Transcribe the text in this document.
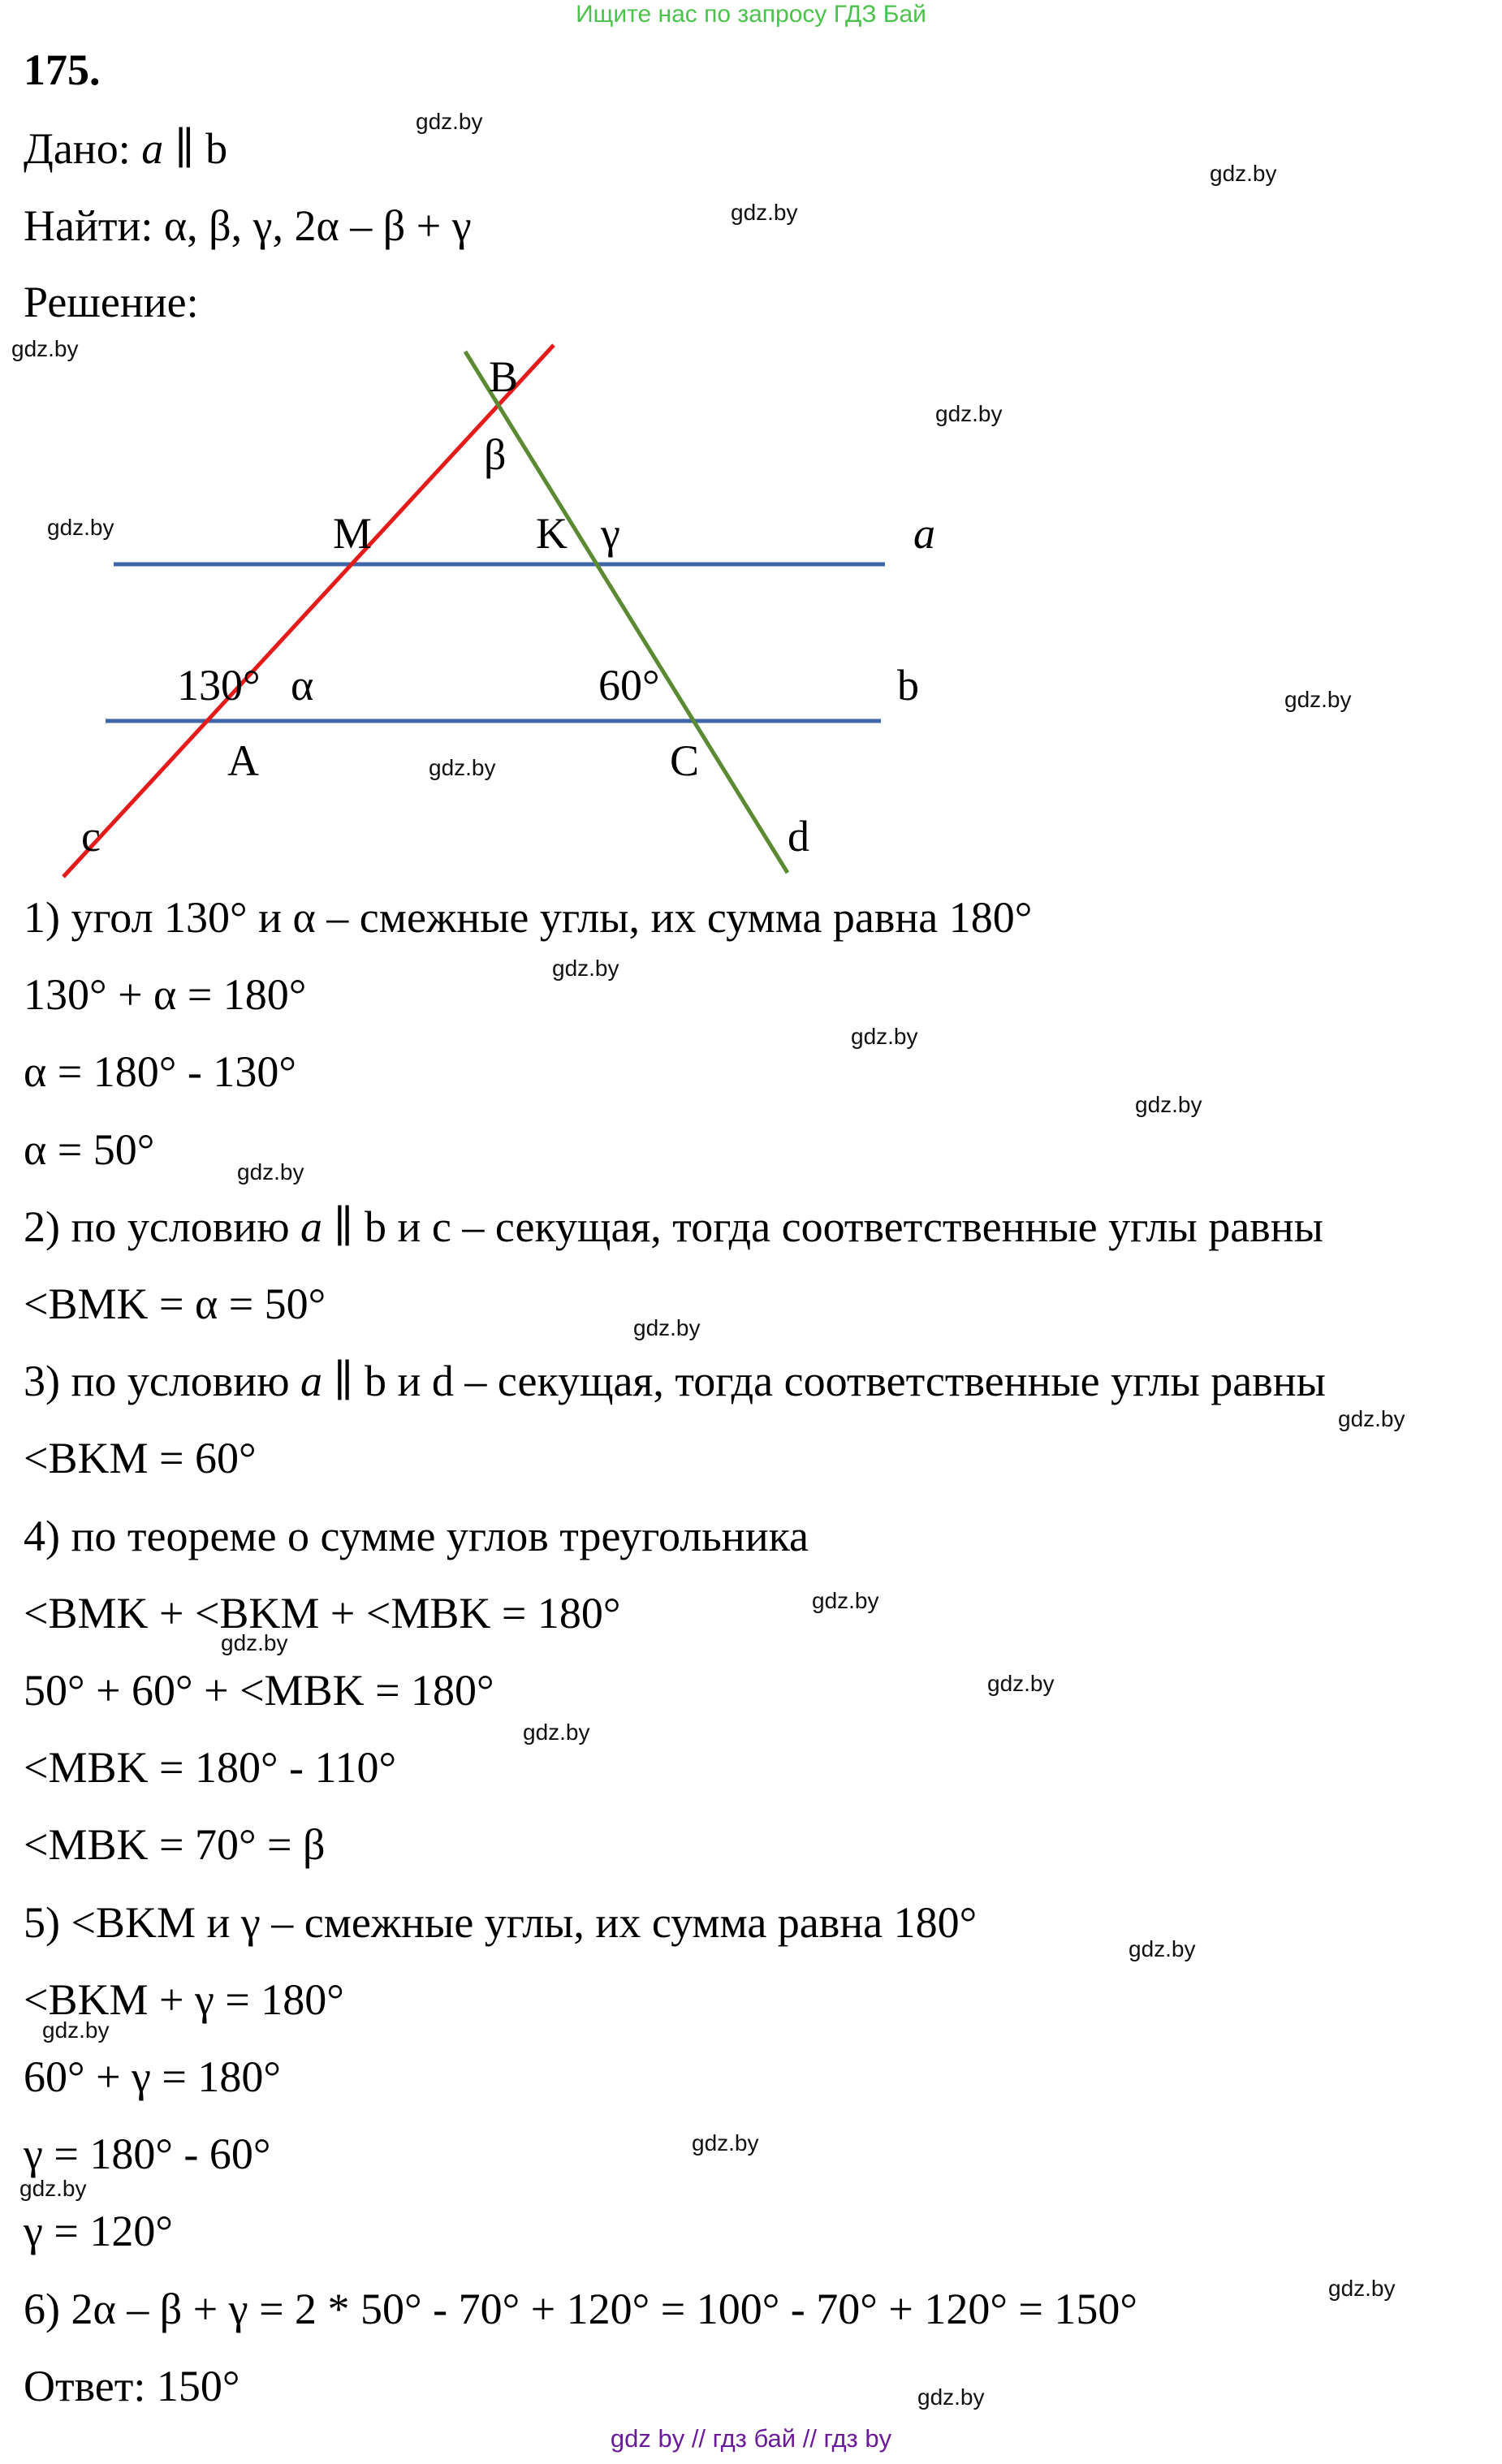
Ищите нас по запросу ГДЗ Бай
175.
Дано: a ∥ b
Найти: α, β, γ, 2α – β + γ
Решение:
B
β
M	K γ	a
130° α	60°	b
A	C
c	d
1) угол 130° и α – смежные углы, их сумма равна 180°
130° + α = 180°
α = 180° - 130°
α = 50°
2) по условию a ∥ b и с – секущая, тогда соответственные углы равны
<BMK = α = 50°
3) по условию a ∥ b и d – секущая, тогда соответственные углы равны
<BKM = 60°
4) по теореме о сумме углов треугольника
<BMK + <BKM + <MBK = 180°
50° + 60° + <MBK = 180°
<MBK = 180° - 110°
<MBK = 70° = β
5) <BKM и γ – смежные углы, их сумма равна 180°
<BKM + γ = 180°
60° + γ = 180°
γ = 180° - 60°
γ = 120°
6) 2α – β + γ = 2 * 50° - 70° + 120° = 100° - 70° + 120° = 150°
Ответ: 150°
gdz.by
gdz.by
gdz.by
gdz.by
gdz.by
gdz.by
gdz.by
gdz.by
gdz.by
gdz.by
gdz.by
gdz.by
gdz.by
gdz.by
gdz.by
gdz.by
gdz.by
gdz.by
gdz.by
gdz.by
gdz.by
gdz.by
gdz.by
gdz.by
gdz by // гдз бай // гдз by
